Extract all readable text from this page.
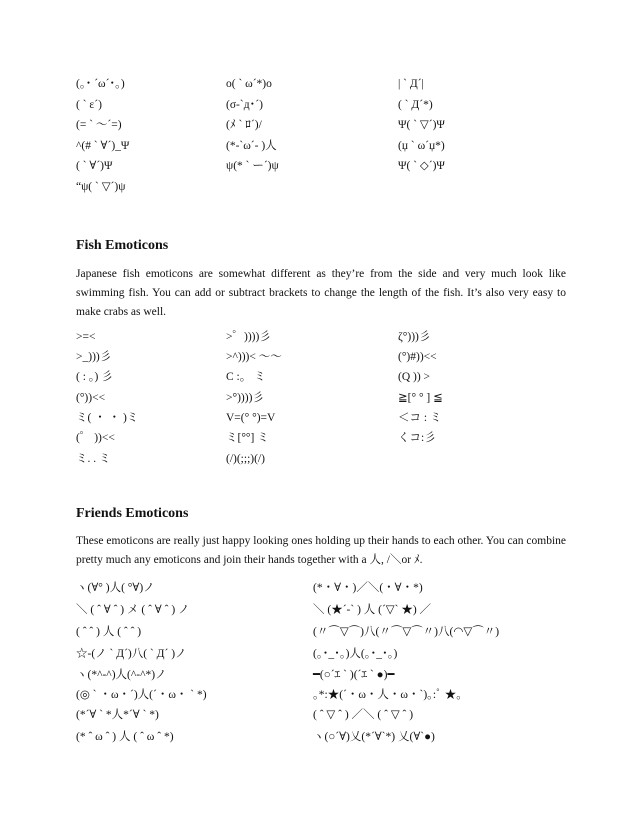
(｡･ ´ω´･｡)	o( ` ω´*)o	| ` Д´|
( ` ε´)	(σ-`д･´)	( ` Д´*)
(= ` ～´=)	(ﾒ ` ﾛ´)/	Ψ( ` ▽´)Ψ
^(# ` ∀´)_Ψ	(*-`ω´- )人	(џ ` ω´џ*)
( ` ∀´)Ψ	ψ(* ` ー´)ψ	Ψ( ` ◇´)Ψ
“ψ( ` ▽´)ψ
Fish Emoticons
Japanese fish emoticons are somewhat different as they’re from the side and very much look like swimming fish. You can add or subtract brackets to change the length of the fish. It’s also very easy to make crabs as well.
>=<	>゜))))彡	ζ°)))彡
>_)))彡	>^)))< ～～	(°)#))<<
( : 。) 彡	C :。 ミ	(Q )) >
(°))<<	>°))))彡	≧[° ° ] ≦
ミ( ・ ・ )ミ	V=(° °)=V	＜コ : ミ
(゜ ))<<	ミ[°°] ミ	くコ:彡
ミ. . ミ	(/)(;;;)(/)
Friends Emoticons
These emoticons are really just happy looking ones holding up their hands to each other. You can combine pretty much any emoticons and join their hands together with a 人, /＼or ﾒ.
ヽ(∀° )人( °∀)ノ	(*・∀・)／＼(・∀・*)
＼ ( ˆ ∀ ˆ ) メ ( ˆ ∀ ˆ ) ノ	＼ (★´-` ) 人 (´▽` ★) ／
( ˆ ˆ ) 人 ( ˆ ˆ )	(〃⌒▽⌒)八(〃⌒▽⌒〃)八(◠▽⌒〃)
☆-(ノ ` Д´)八( ` Д´ )ノ	(｡･_･｡)人(｡･_･｡)
ヽ(*^-^)人(^-^*)ノ	━(○´ｴ ` )(´ｴ ` ●)━
(◎ ` ・ω・´)人(´・ω・ ` *)	｡*:★(´・ω・人・ω・`)｡:ﾟ ★｡
(*´∀ ` *人*´∀ ` *)	( ˆ ▽ ˆ ) ／＼ ( ˆ ▽ ˆ )
(* ˆ ω ˆ ) 人 ( ˆ ω ˆ *)	ヽ(○´∀)乂(*´∀`*) 乂(∀`●)
